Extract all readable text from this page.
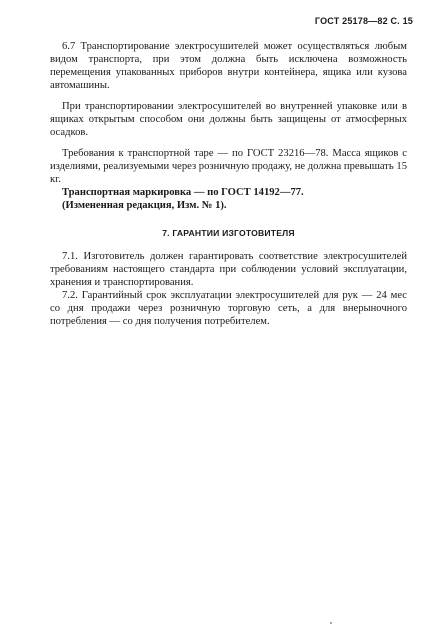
ГОСТ 25178—82 С. 15

6.7 Транспортирование электросушителей может осуществляться любым видом транспорта, при этом должна быть исключена возможность перемещения упакованных приборов внутри контейнера, ящика или кузова автомашины.

При транспортировании электросушителей во внутренней упаковке или в ящиках открытым способом они должны быть защищены от атмосферных осадков.

Требования к транспортной таре — по ГОСТ 23216—78. Масса ящиков с изделиями, реализуемыми через розничную продажу, не должна превышать 15 кг.

Транспортная маркировка — по ГОСТ 14192—77.

(Измененная редакция, Изм. № 1).

7. ГАРАНТИИ ИЗГОТОВИТЕЛЯ

7.1. Изготовитель должен гарантировать соответствие электросушителей требованиям настоящего стандарта при соблюдении условий эксплуатации, хранения и транспортирования.

7.2. Гарантийный срок эксплуатации электросушителей для рук — 24 мес со дня продажи через розничную торговую сеть, а для внерыночного потребления — со дня получения потребителем.
